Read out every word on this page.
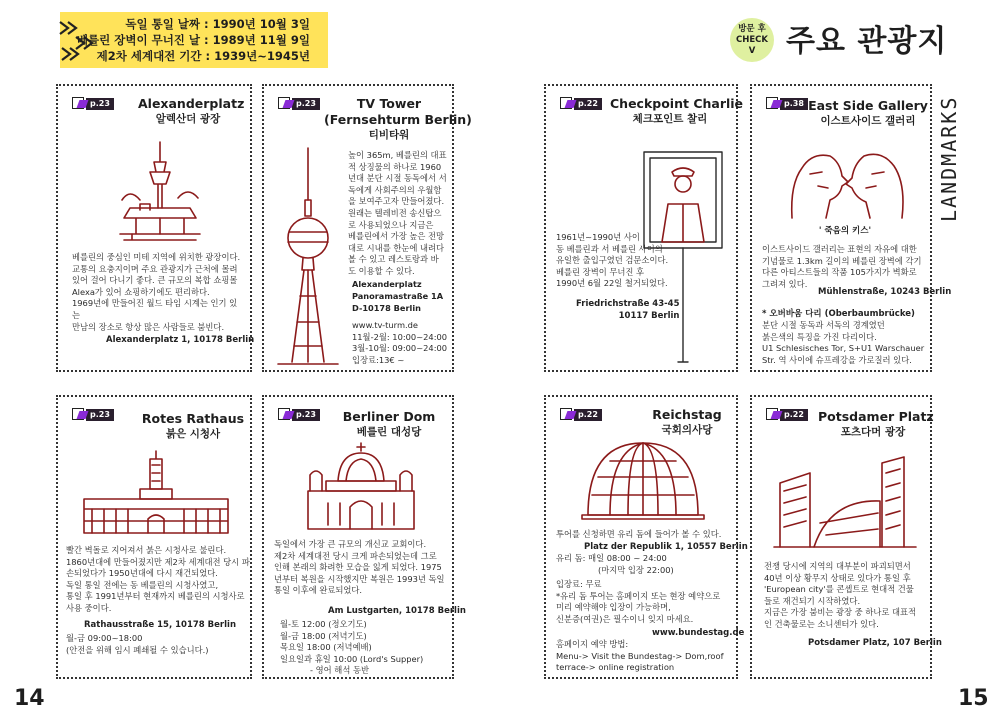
독일 통일 날짜 : 1990년 10월 3일
베를린 장벽이 무너진 날 : 1989년 11월 9일
제2차 세계대전 기간 : 1939년~1945년
방문 후
CHECK
V 주요 관광지
LANDMARKS
p.23	Alexanderplatz
알렉산더 광장
베를린의 중심인 미테 지역에 위치한 광장이다.
교통의 요충지이며 주요 관광지가 근처에 몰려
있어 걸어 다니기 좋다. 큰 규모의 복합 쇼핑몰
Alexa가 있어 쇼핑하기에도 편리하다.
1969년에 만들어진 월드 타임 시계는 인기 있는
만남의 장소로 항상 많은 사람들로 붐빈다.
Alexanderplatz 1, 10178 Berlin
p.23	TV Tower
(Fernsehturm Berlin)
티비타워
높이 365m, 베를린의 대표
적 상징물의 하나로 1960
년대 분단 시절 동독에서 서
독에게 사회주의의 우월함
을 보여주고자 만들어졌다.
원래는 텔레비전 송신탑으
로 사용되었으나 지금은
베를린에서 가장 높은 전망
대로 시내를 한눈에 내려다
볼 수 있고 레스토랑과 바
도 이용할 수 있다.
Alexanderplatz
Panoramastraße 1A
D-10178 Berlin
www.tv-turm.de
11월-2월: 10:00~24:00
3월-10월: 09:00~24:00
입장료:13€ ~
p.22 Checkpoint Charlie
체크포인트 찰리
1961년~1990년 사이
동 베를린과 서 베를린 사이의
유일한 출입구였던 검문소이다.
베를린 장벽이 무너진 후
1990년 6월 22일 철거되었다.
Friedrichstraße 43-45
10117 Berlin
p.38 East Side Gallery
이스트사이드 갤러리
' 죽음의 키스'
이스트사이드 갤러리는 표현의 자유에 대한
기념물로 1.3km 길이의 베를린 장벽에 각기
다른 아티스트들의 작품 105가지가 벽화로
그려져 있다.
Mühlenstraße, 10243 Berlin
* 오버바움 다리 (Oberbaumbrücke)
분단 시절 동독과 서독의 경계였던
붉은색의 특징을 가진 다리이다.
U1 Schlesisches Tor, S+U1 Warschauer
Str. 역 사이에 슈프레강을 가로질러 있다.
p.23	Rotes Rathaus
붉은 시청사
빨간 벽돌로 지어져서 붉은 시청사로 불린다.
1860년대에 만들어졌지만 제2차 세계대전 당시 파
손되었다가 1950년대에 다시 재건되었다.
독일 통일 전에는 동 베를린의 시청사였고,
통일 후 1991년부터 현재까지 베를린의 시청사로
사용 중이다.
Rathausstraße 15, 10178 Berlin
월-금 09:00~18:00
(안전을 위해 임시 폐쇄될 수 있습니다.)
p.23	Berliner Dom
베를린 대성당
독일에서 가장 큰 규모의 개신교 교회이다.
제2차 세계대전 당시 크게 파손되었는데 그로
인해 본래의 화려한 모습을 잃게 되었다. 1975
년부터 복원을 시작했지만 복원은 1993년 독일
통일 이후에 완료되었다.
Am Lustgarten, 10178 Berlin
월-토 12:00 (정오기도)
월-금 18:00 (저녁기도)
목요일 18:00 (저녁예배)
일요일과 휴일 10:00 (Lord's Supper)
- 영어 해석 동반
p.22	Reichstag
국회의사당
투어를 신청하면 유리 돔에 들어가 볼 수 있다.
Platz der Republik 1, 10557 Berlin
유리 돔: 매일 08:00 ~ 24:00
(마지막 입장 22:00)
입장료: 무료
*유리 돔 투어는 홈페이지 또는 현장 예약으로
미리 예약해야 입장이 가능하며,
신분증(여권)은 필수이니 잊지 마세요.
www.bundestag.de
홈페이지 예약 방법:
Menu-> Visit the Bundestag-> Dom,roof
terrace-> online registration
p.22	Potsdamer Platz
포츠다머 광장
전쟁 당시에 지역의 대부분이 파괴되면서
40년 이상 황무지 상태로 있다가 통일 후
'European city'를 콘셉트로 현대적 건물
들로 재건되기 시작하였다.
지금은 가장 붐비는 광장 중 하나로 대표적
인 건축물로는 소니센터가 있다.
Potsdamer Platz, 107 Berlin
14	15
